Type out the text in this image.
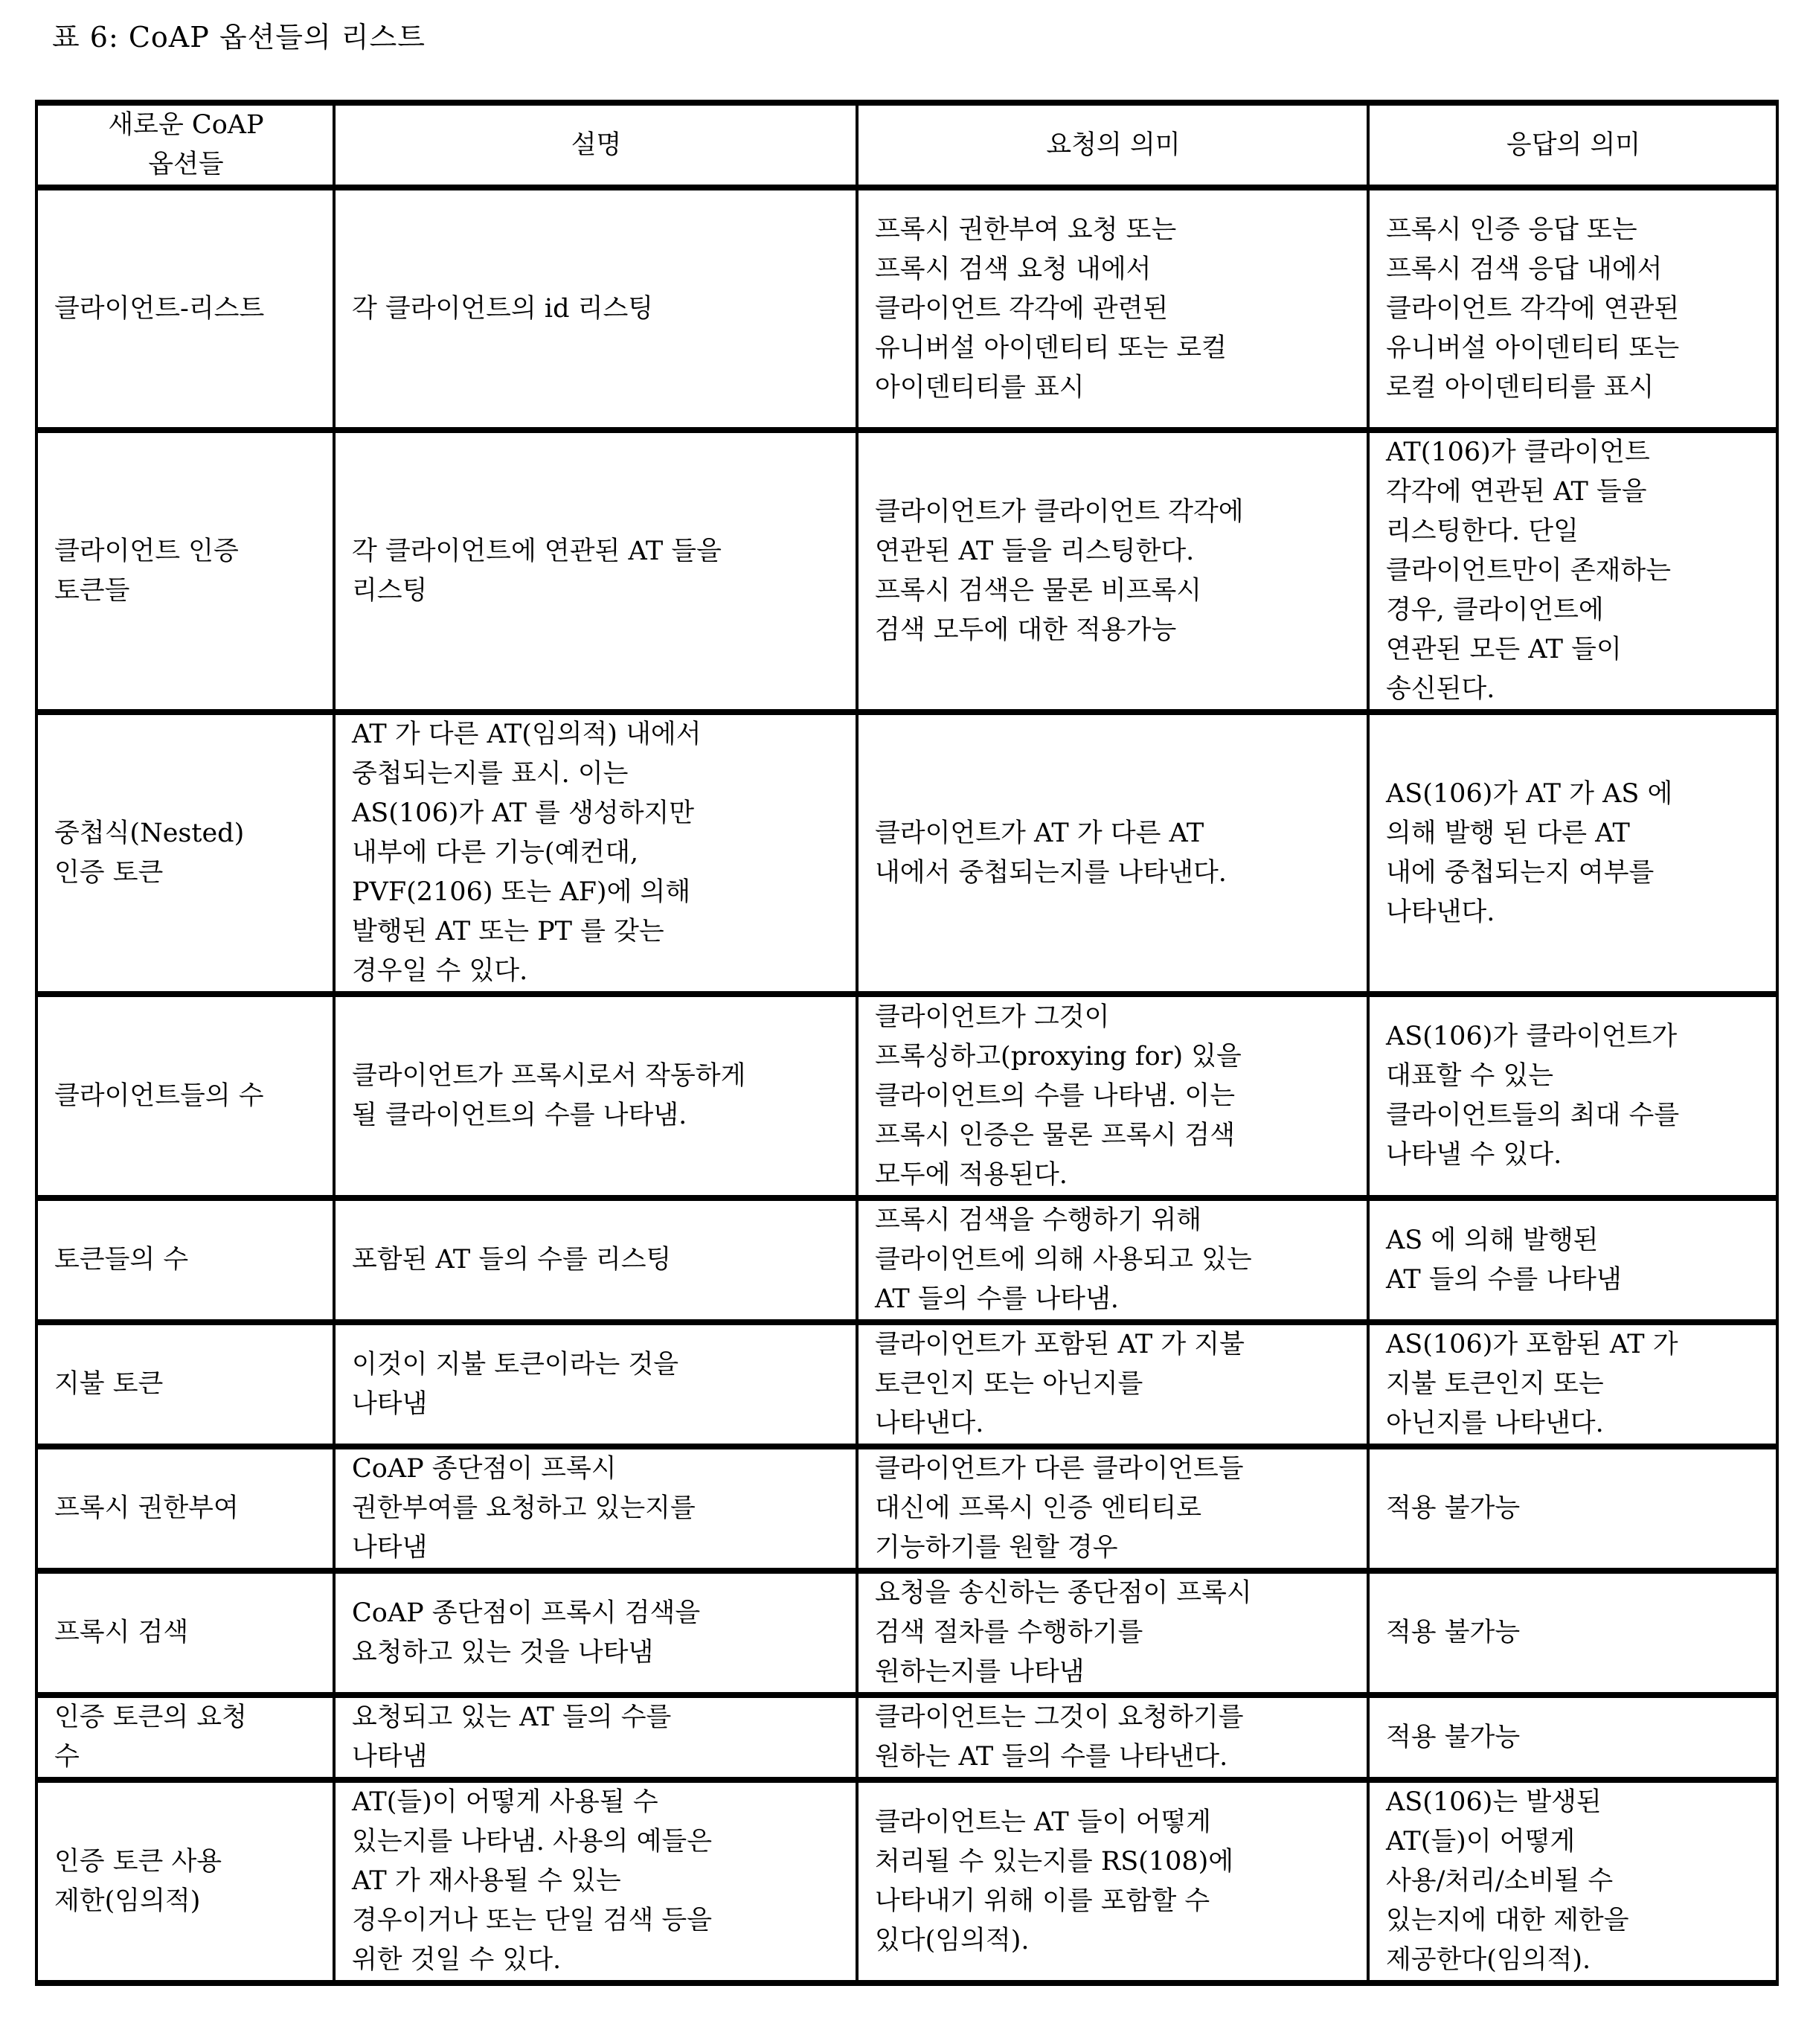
표 6: CoAP 옵션들의 리스트
새로운 CoAP
옵션들	설명	요청의 의미	응답의 의미
클라이언트-리스트	각 클라이언트의 id 리스팅	프록시 권한부여 요청 또는
프록시 검색 요청 내에서
클라이언트 각각에 관련된
유니버설 아이덴티티 또는 로컬
아이덴티티를 표시	프록시 인증 응답 또는
프록시 검색 응답 내에서
클라이언트 각각에 연관된
유니버설 아이덴티티 또는
로컬 아이덴티티를 표시
클라이언트 인증
토큰들	각 클라이언트에 연관된 AT 들을
리스팅	클라이언트가 클라이언트 각각에
연관된 AT 들을 리스팅한다.
프록시 검색은 물론 비프록시
검색 모두에 대한 적용가능	AT(106)가 클라이언트
각각에 연관된 AT 들을
리스팅한다. 단일
클라이언트만이 존재하는
경우, 클라이언트에
연관된 모든 AT 들이
송신된다.
중첩식(Nested)
인증 토큰	AT 가 다른 AT(임의적) 내에서
중첩되는지를 표시. 이는
AS(106)가 AT 를 생성하지만
내부에 다른 기능(예컨대,
PVF(2106) 또는 AF)에 의해
발행된 AT 또는 PT 를 갖는
경우일 수 있다.	클라이언트가 AT 가 다른 AT
내에서 중첩되는지를 나타낸다.	AS(106)가 AT 가 AS 에
의해 발행 된 다른 AT
내에 중첩되는지 여부를
나타낸다.
클라이언트들의 수	클라이언트가 프록시로서 작동하게
될 클라이언트의 수를 나타냄.	클라이언트가 그것이
프록싱하고(proxying for) 있을
클라이언트의 수를 나타냄. 이는
프록시 인증은 물론 프록시 검색
모두에 적용된다.	AS(106)가 클라이언트가
대표할 수 있는
클라이언트들의 최대 수를
나타낼 수 있다.
토큰들의 수	포함된 AT 들의 수를 리스팅	프록시 검색을 수행하기 위해
클라이언트에 의해 사용되고 있는
AT 들의 수를 나타냄.	AS 에 의해 발행된
AT 들의 수를 나타냄
지불 토큰	이것이 지불 토큰이라는 것을
나타냄	클라이언트가 포함된 AT 가 지불
토큰인지 또는 아닌지를
나타낸다.	AS(106)가 포함된 AT 가
지불 토큰인지 또는
아닌지를 나타낸다.
프록시 권한부여	CoAP 종단점이 프록시
권한부여를 요청하고 있는지를
나타냄	클라이언트가 다른 클라이언트들
대신에 프록시 인증 엔티티로
기능하기를 원할 경우	적용 불가능
프록시 검색	CoAP 종단점이 프록시 검색을
요청하고 있는 것을 나타냄	요청을 송신하는 종단점이 프록시
검색 절차를 수행하기를
원하는지를 나타냄	적용 불가능
인증 토큰의 요청
수	요청되고 있는 AT 들의 수를
나타냄	클라이언트는 그것이 요청하기를
원하는 AT 들의 수를 나타낸다.	적용 불가능
인증 토큰 사용
제한(임의적)	AT(들)이 어떻게 사용될 수
있는지를 나타냄. 사용의 예들은
AT 가 재사용될 수 있는
경우이거나 또는 단일 검색 등을
위한 것일 수 있다.	클라이언트는 AT 들이 어떻게
처리될 수 있는지를 RS(108)에
나타내기 위해 이를 포함할 수
있다(임의적).	AS(106)는 발생된
AT(들)이 어떻게
사용/처리/소비될 수
있는지에 대한 제한을
제공한다(임의적).
